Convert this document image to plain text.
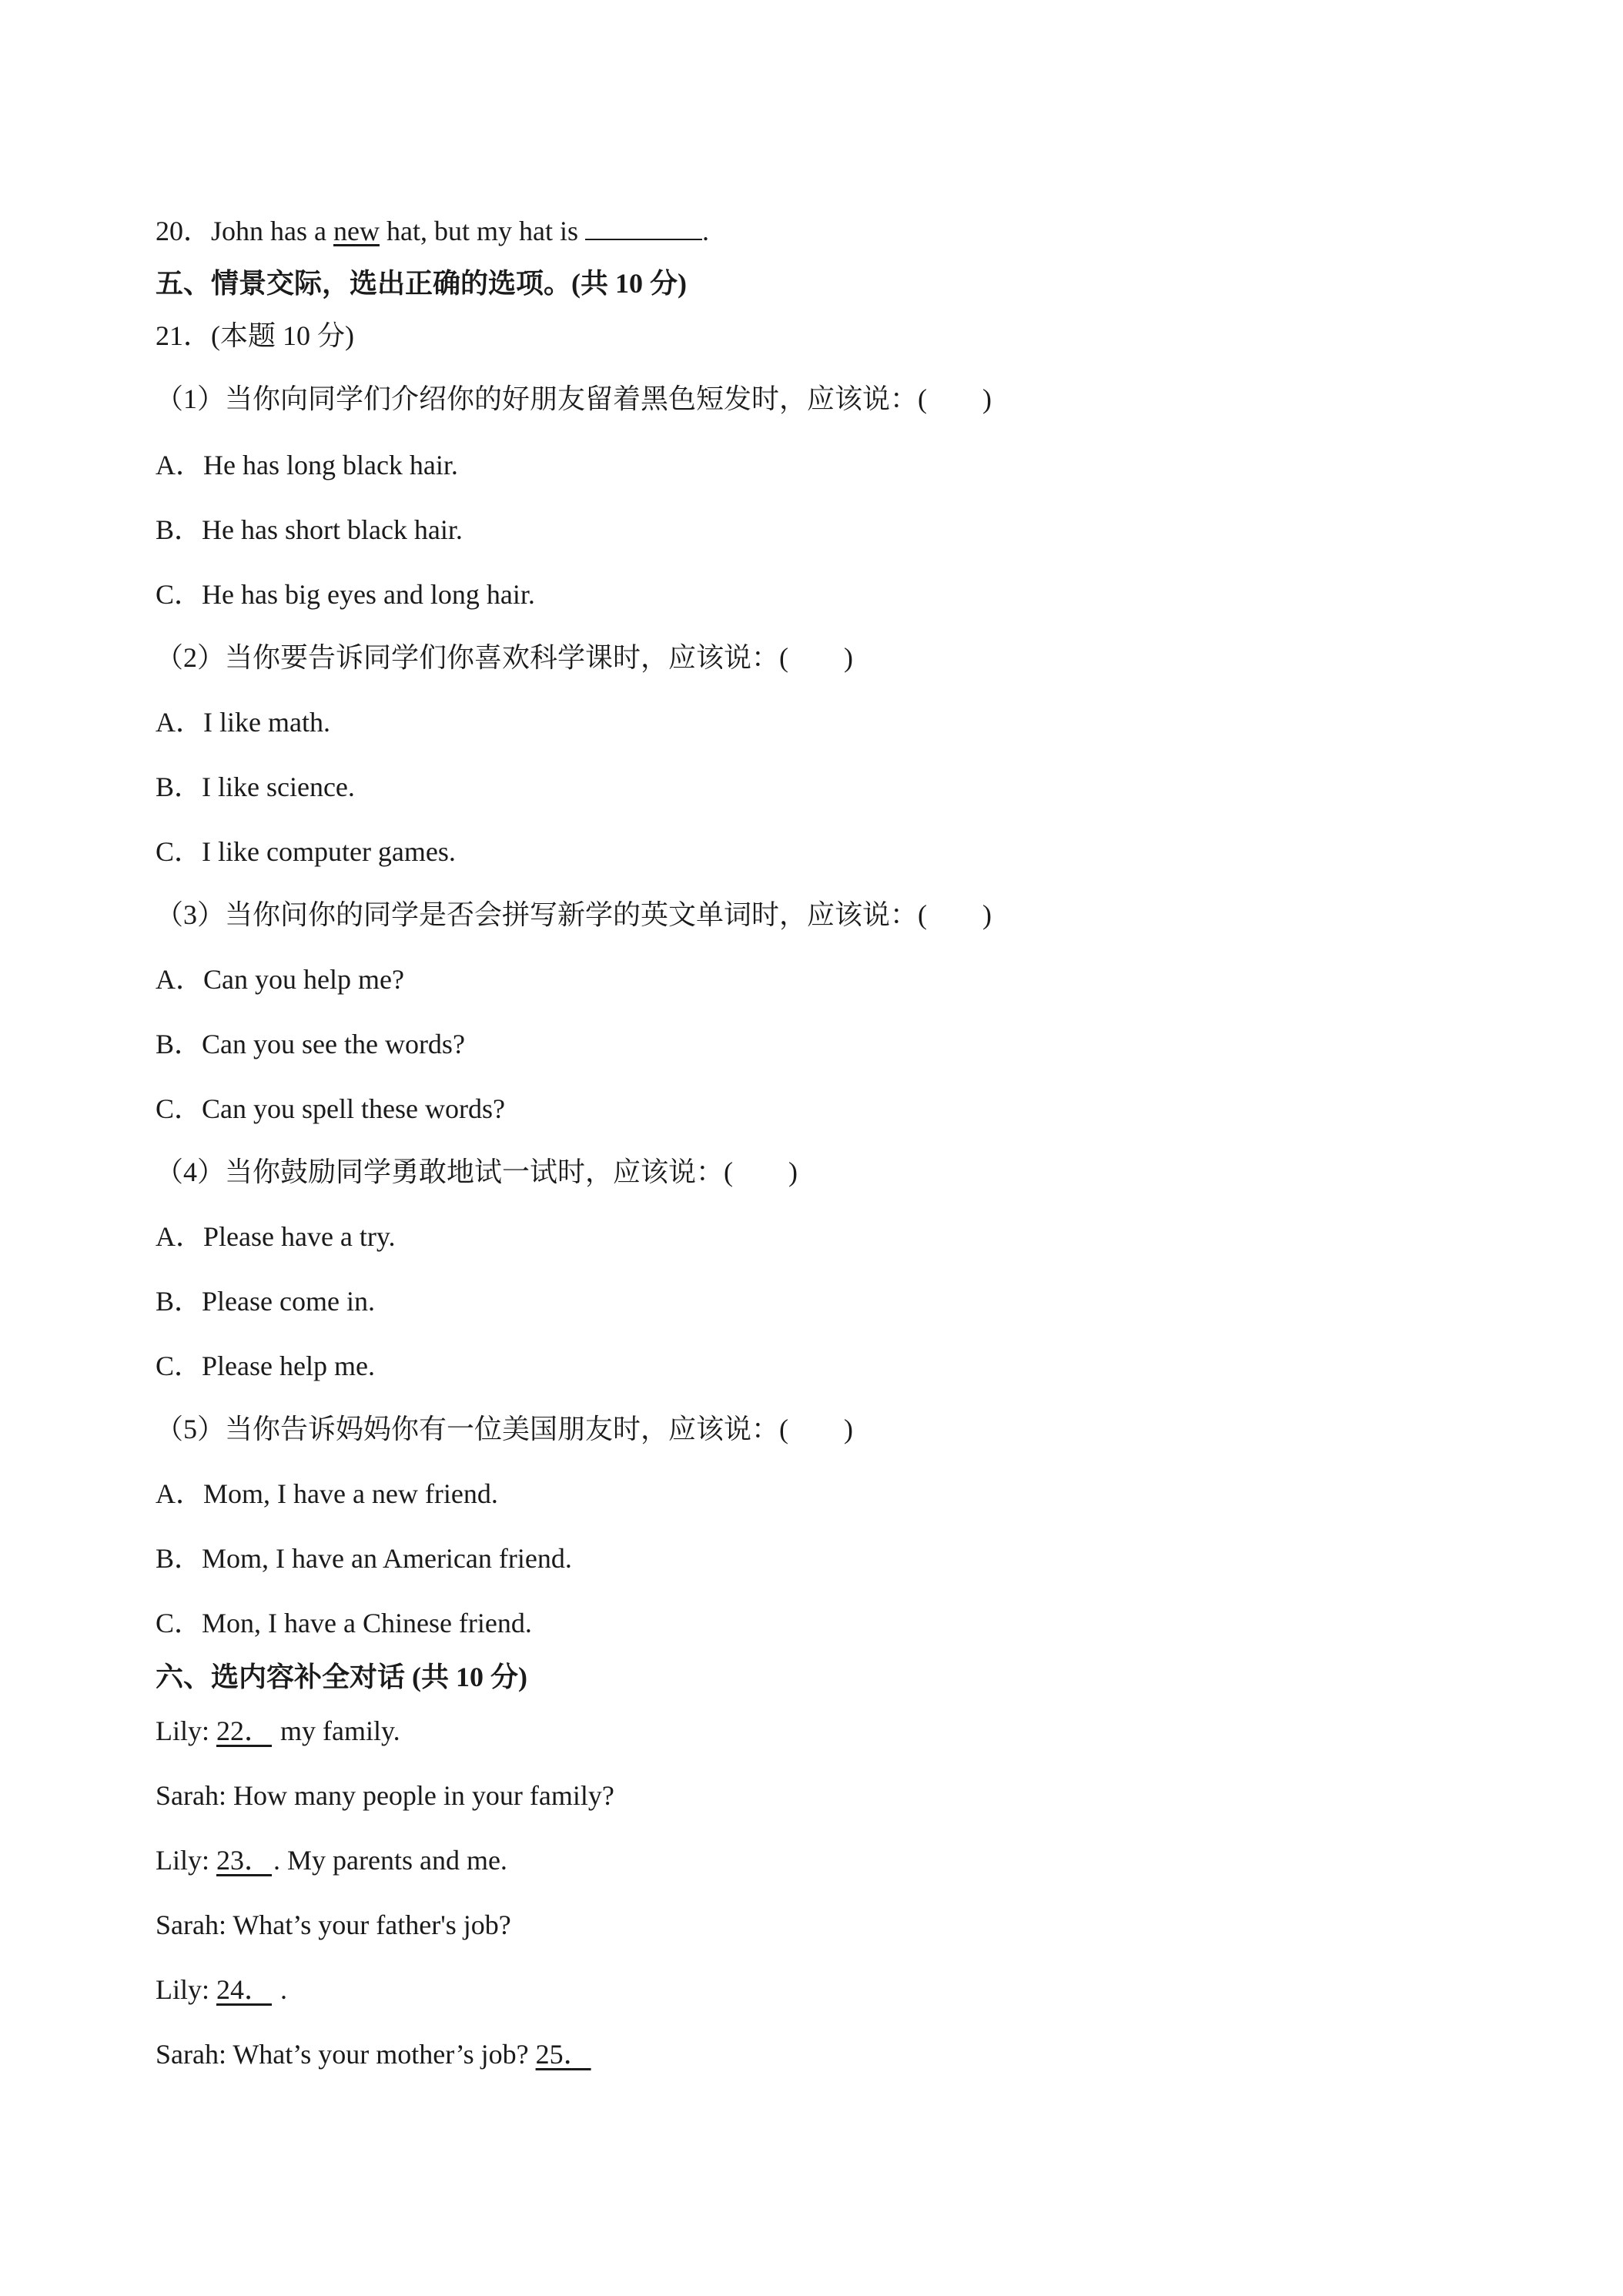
20．John has a new hat, but my hat is	.
五、情景交际，选出正确的选项。(共 10 分)
21．(本题 10 分)
（1）当你向同学们介绍你的好朋友留着黑色短发时，应该说：(　　)
A．He has long black hair.
B．He has short black hair.
C．He has big eyes and long hair.
（2）当你要告诉同学们你喜欢科学课时，应该说：(　　)
A．I like math.
B．I like science.
C．I like computer games.
（3）当你问你的同学是否会拼写新学的英文单词时，应该说：(　　)
A．Can you help me?
B．Can you see the words?
C．Can you spell these words?
（4）当你鼓励同学勇敢地试一试时，应该说：(　　)
A．Please have a try.
B．Please come in.
C．Please help me.
（5）当你告诉妈妈你有一位美国朋友时，应该说：(　　)
A．Mom, I have a new friend.
B．Mom, I have an American friend.
C．Mon, I have a Chinese friend.
六、选内容补全对话 (共 10 分)
Lily: 22． my family.
Sarah: How many people in your family?
Lily: 23．. My parents and me.
Sarah: What’s your father's job?
Lily: 24． .
Sarah: What’s your mother’s job? 25．
